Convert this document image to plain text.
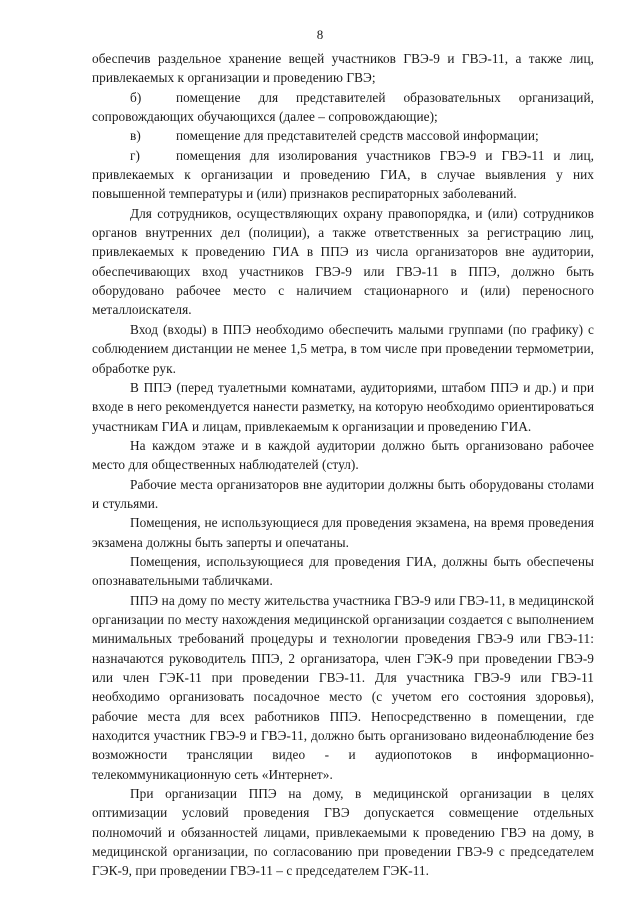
8

обеспечив раздельное хранение вещей участников ГВЭ-9 и ГВЭ-11, а также лиц, привлекаемых к организации и проведению ГВЭ;

б)	помещение для представителей образовательных организаций, сопровождающих обучающихся (далее – сопровождающие);

в)	помещение для представителей средств массовой информации;

г)	помещения для изолирования участников ГВЭ-9 и ГВЭ-11 и лиц, привлекаемых к организации и проведению ГИА, в случае выявления у них повышенной температуры и (или) признаков респираторных заболеваний.

Для сотрудников, осуществляющих охрану правопорядка, и (или) сотрудников органов внутренних дел (полиции), а также ответственных за регистрацию лиц, привлекаемых к проведению ГИА в ППЭ из числа организаторов вне аудитории, обеспечивающих вход участников ГВЭ-9 или ГВЭ-11 в ППЭ, должно быть оборудовано рабочее место с наличием стационарного и (или) переносного металлоискателя.

Вход (входы) в ППЭ необходимо обеспечить малыми группами (по графику) с соблюдением дистанции не менее 1,5 метра, в том числе при проведении термометрии, обработке рук.

В ППЭ (перед туалетными комнатами, аудиториями, штабом ППЭ и др.) и при входе в него рекомендуется нанести разметку, на которую необходимо ориентироваться участникам ГИА и лицам, привлекаемым к организации и проведению ГИА.

На каждом этаже и в каждой аудитории должно быть организовано рабочее место для общественных наблюдателей (стул).

Рабочие места организаторов вне аудитории должны быть оборудованы столами и стульями.

Помещения, не использующиеся для проведения экзамена, на время проведения экзамена должны быть заперты и опечатаны.

Помещения, использующиеся для проведения ГИА, должны быть обеспечены опознавательными табличками.

ППЭ на дому по месту жительства участника ГВЭ-9 или ГВЭ-11, в медицинской организации по месту нахождения медицинской организации создается с выполнением минимальных требований процедуры и технологии проведения ГВЭ-9 или ГВЭ-11: назначаются руководитель ППЭ, 2 организатора, член ГЭК-9 при проведении ГВЭ-9 или член ГЭК-11 при проведении ГВЭ-11. Для участника ГВЭ-9 или ГВЭ-11 необходимо организовать посадочное место (с учетом его состояния здоровья), рабочие места для всех работников ППЭ. Непосредственно в помещении, где находится участник ГВЭ-9 и ГВЭ-11, должно быть организовано видеонаблюдение без возможности трансляции видео - и аудиопотоков в информационно-телекоммуникационную сеть «Интернет».

При организации ППЭ на дому, в медицинской организации в целях оптимизации условий проведения ГВЭ допускается совмещение отдельных полномочий и обязанностей лицами, привлекаемыми к проведению ГВЭ на дому, в медицинской организации, по согласованию при проведении ГВЭ-9 с председателем ГЭК-9, при проведении ГВЭ-11 – с председателем ГЭК-11.
